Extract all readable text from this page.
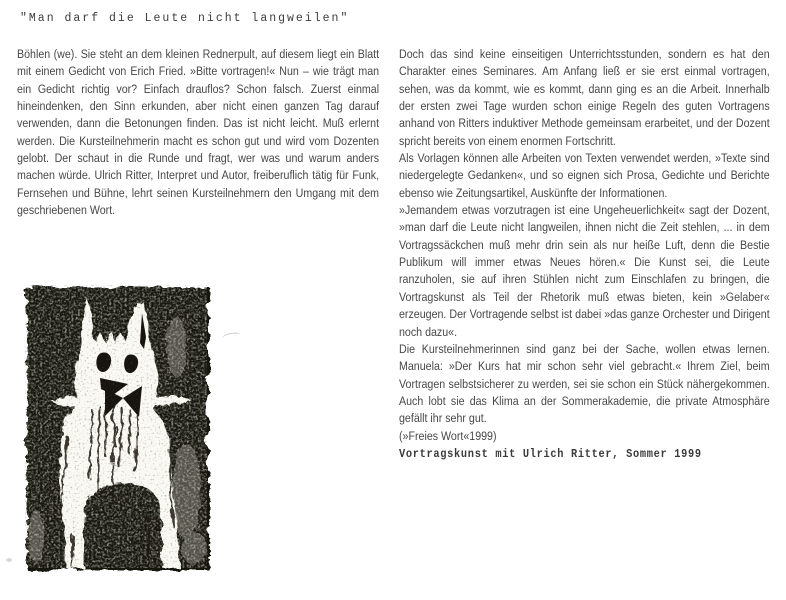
"Man darf die Leute nicht langweilen"

Böhlen (we). Sie steht an dem kleinen Rednerpult, auf diesem liegt ein Blatt mit einem Gedicht von Erich Fried. »Bitte vortragen!« Nun – wie trägt man ein Gedicht richtig vor? Einfach drauflos? Schon falsch. Zuerst einmal hineindenken, den Sinn erkunden, aber nicht einen ganzen Tag darauf verwenden, dann die Betonungen finden. Das ist nicht leicht. Muß erlernt werden. Die Kursteilnehmerin macht es schon gut und wird vom Dozenten gelobt. Der schaut in die Runde und fragt, wer was und warum anders machen würde. Ulrich Ritter, Interpret und Autor, freiberuflich tätig für Funk, Fernsehen und Bühne, lehrt seinen Kursteilnehmern den Umgang mit dem geschriebenen Wort.

Doch das sind keine einseitigen Unterrichtsstunden, sondern es hat den Charakter eines Seminares. Am Anfang ließ er sie erst einmal vortragen, sehen, was da kommt, wie es kommt, dann ging es an die Arbeit. Innerhalb der ersten zwei Tage wurden schon einige Regeln des guten Vortragens anhand von Ritters induktiver Methode gemeinsam erarbeitet, und der Dozent spricht bereits von einem enormen Fortschritt.

Als Vorlagen können alle Arbeiten von Texten verwendet werden, »Texte sind niedergelegte Gedanken«, und so eignen sich Prosa, Gedichte und Berichte ebenso wie Zeitungsartikel, Auskünfte der Informationen.

»Jemandem etwas vorzutragen ist eine Ungeheuerlichkeit« sagt der Dozent, »man darf die Leute nicht langweilen, ihnen nicht die Zeit stehlen, ... in dem Vortragssäckchen muß mehr drin sein als nur heiße Luft, denn die Bestie Publikum will immer etwas Neues hören.« Die Kunst sei, die Leute ranzuholen, sie auf ihren Stühlen nicht zum Einschlafen zu bringen, die Vortragskunst als Teil der Rhetorik muß etwas bieten, kein »Gelaber« erzeugen. Der Vortragende selbst ist dabei »das ganze Orchester und Dirigent noch dazu«.

Die Kursteilnehmerinnen sind ganz bei der Sache, wollen etwas lernen. Manuela: »Der Kurs hat mir schon sehr viel gebracht.« Ihrem Ziel, beim Vortragen selbstsicherer zu werden, sei sie schon ein Stück nähergekommen. Auch lobt sie das Klima an der Sommerakademie, die private Atmosphäre gefällt ihr sehr gut.

(»Freies Wort«1999)

Vortragskunst mit Ulrich Ritter, Sommer 1999
